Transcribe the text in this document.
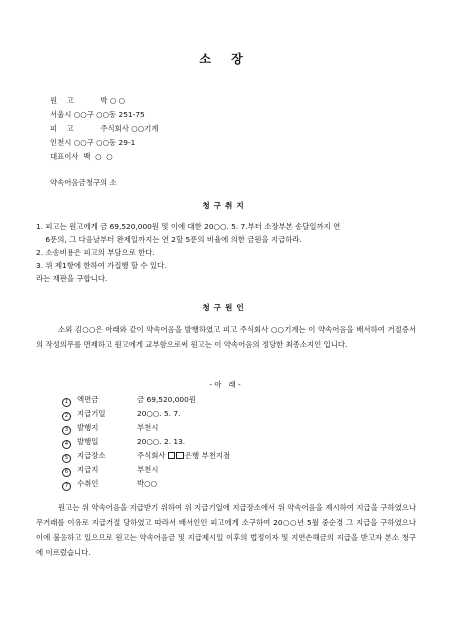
소 장
원    고	박 ○ ○
서울시 ○○구 ○○동 251-75
피    고	주식회사 ○○기계
인천시 ○○구 ○○동 29-1
대표이사  백  ○  ○
약속어음금청구의 소
청구취지
1. 피고는 원고에게 금 69,520,000원 및 이에 대한 20○○. 5. 7.부터 소장부본 송달일까지 연
6푼의, 그 다음날부터 완제일까지는 연 2할 5푼의 비율에 의한 금원을 지급하라.
2. 소송비용은 피고의 부담으로 한다.
3. 위 제1항에 한하여 가집행 할 수 있다.
라는 재판을 구합니다.
청구원인
소외 김○○은 아래와 같이 약속어음을 발행하였고 피고 주식회사 ○○기계는 이 약속어음을 배서하여 거절증서의 작성의무를 면제하고 원고에게 교부함으로써 원고는 이 약속어음의 정당한 최종소지인 입니다.
- 아   래 -
1 액면금	금 69,520,000원
2 지급기일	20○○. 5. 7.
3 발행지	부천시
4 발행일	20○○. 2. 13.
5 지급장소	주식회사 은행 부천지점
6 지급지	부천시
7 수취인	박○○
원고는 위 약속어음을 지급받기 위하여 위 지급기일에 지급장소에서 위 약속어음을 제시하여 지급을 구하였으나 무거래를 이유로 지급거절 당하였고 따라서 배서인인 피고에게 소구하여 20○○년 5월 중순경 그 지급을 구하였으나 이에 불응하고 있으므로 원고는 약속어음금 및 지급제시일 이후의 법정이자 및 지연손해금의 지급을 받고자 본소 청구에 이르렀습니다.
